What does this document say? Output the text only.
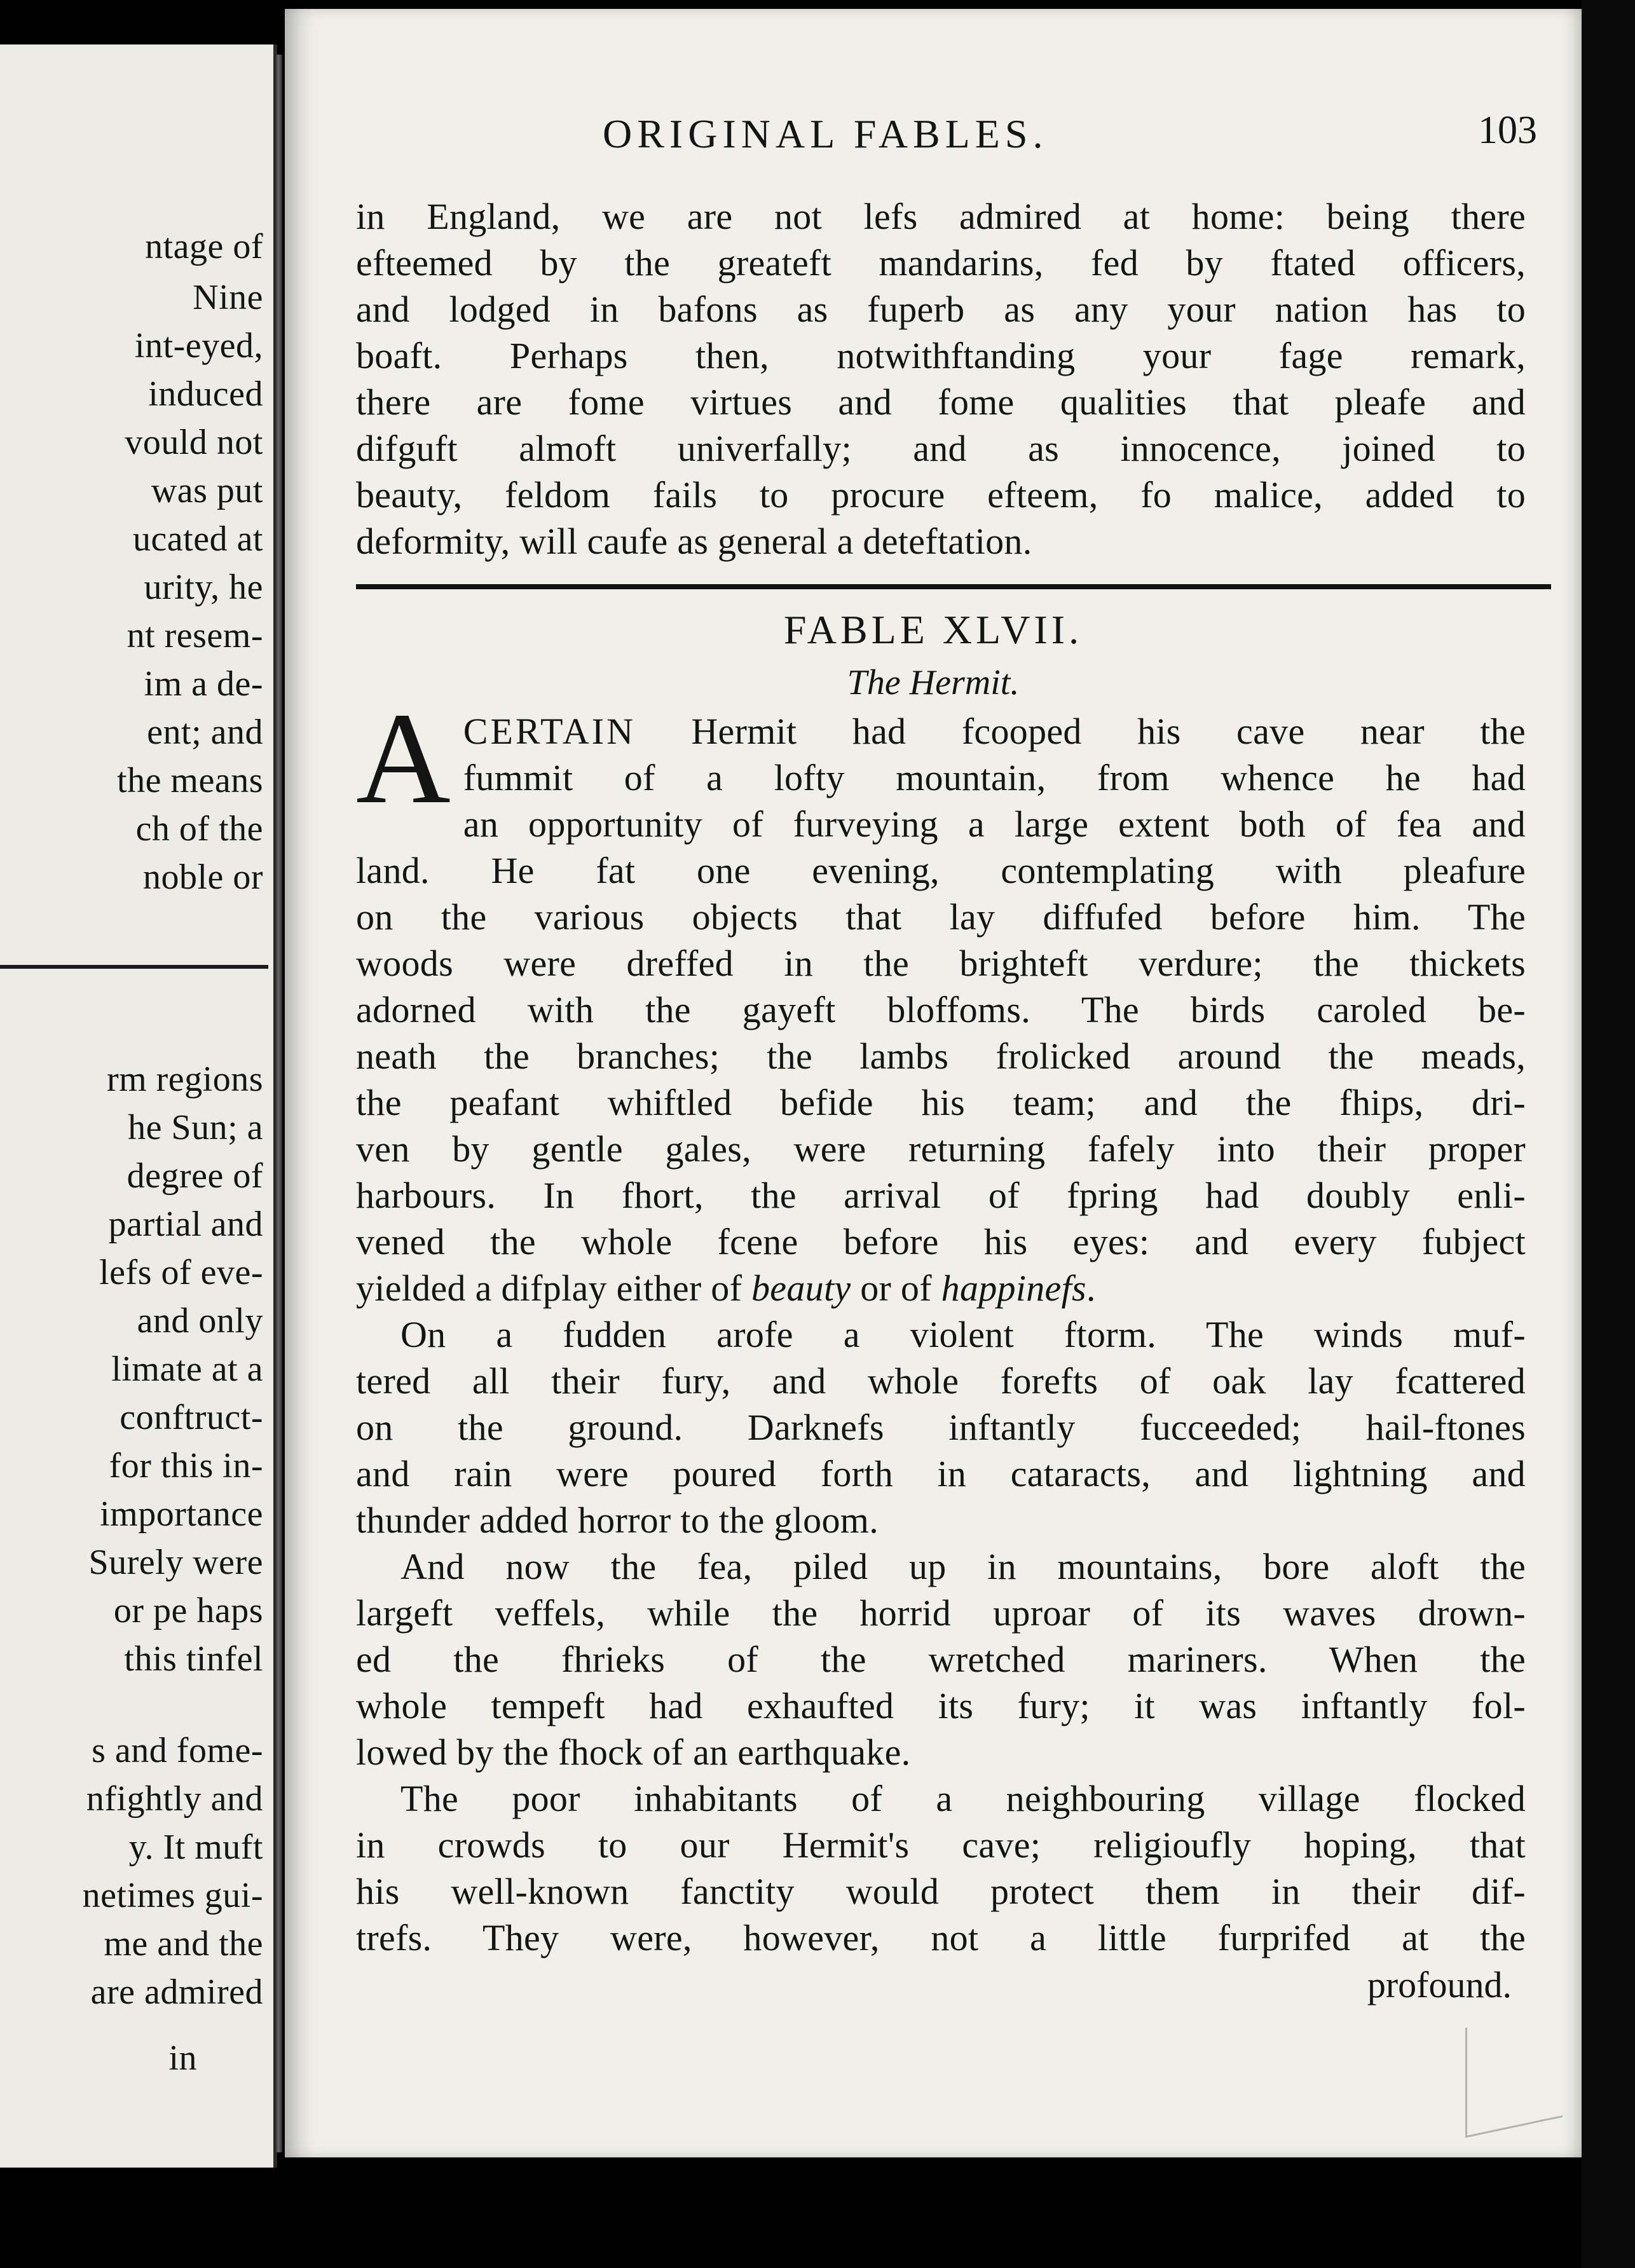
ntage of
Nine
int-eyed,
induced
vould not
was put
ucated at
urity, he
nt resem-
im a de-
ent; and
the means
ch of the
noble or
rm regions
he Sun; a
degree of
partial and
lefs of eve-
and only
limate at a
conftruct-
for this in-
importance
Surely were
or pe haps
this tinfel
s and fome-
nfightly and
y. It muft
netimes gui-
me and the
are admired
in
ORIGINAL FABLES.	103
in England, we are not lefs admired at home: being there
efteemed by the greateft mandarins, fed by ftated officers,
and lodged in bafons as fuperb as any your nation has to
boaft. Perhaps then, notwithftanding your fage remark,
there are fome virtues and fome qualities that pleafe and
difguft almoft univerfally; and as innocence, joined to
beauty, feldom fails to procure efteem, fo malice, added to
deformity, will caufe as general a deteftation.
FABLE XLVII.
The Hermit.
A CERTAIN Hermit had fcooped his cave near the
fummit of a lofty mountain, from whence he had
an opportunity of furveying a large extent both of fea and
land. He fat one evening, contemplating with pleafure
on the various objects that lay diffufed before him. The
woods were dreffed in the brighteft verdure; the thickets
adorned with the gayeft bloffoms. The birds caroled be-
neath the branches; the lambs frolicked around the meads,
the peafant whiftled befide his team; and the fhips, dri-
ven by gentle gales, were returning fafely into their proper
harbours. In fhort, the arrival of fpring had doubly enli-
vened the whole fcene before his eyes: and every fubject
yielded a difplay either of beauty or of happinefs.
On a fudden arofe a violent ftorm. The winds muf-
tered all their fury, and whole forefts of oak lay fcattered
on the ground. Darknefs inftantly fucceeded; hail-ftones
and rain were poured forth in cataracts, and lightning and
thunder added horror to the gloom.
And now the fea, piled up in mountains, bore aloft the
largeft veffels, while the horrid uproar of its waves drown-
ed the fhrieks of the wretched mariners. When the
whole tempeft had exhaufted its fury; it was inftantly fol-
lowed by the fhock of an earthquake.
The poor inhabitants of a neighbouring village flocked
in crowds to our Hermit's cave; religioufly hoping, that
his well-known fanctity would protect them in their dif-
trefs. They were, however, not a little furprifed at the
profound.
